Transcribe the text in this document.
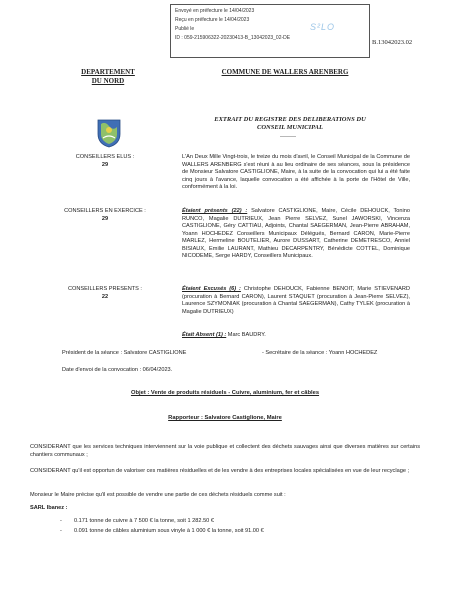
Envoyé en préfecture le 14/04/2023
Reçu en préfecture le 14/04/2023
Publié le
ID : 059-215906322-20230413-B_13042023_02-DE
S²LO
B.13042023.02
DEPARTEMENT
DU NORD
COMMUNE DE WALLERS ARENBERG
EXTRAIT DU REGISTRE DES DELIBERATIONS DU
CONSEIL MUNICIPAL
--------
CONSEILLERS ELUS :
29
L'An Deux Mille Vingt-trois, le treize du mois d'avril, le Conseil Municipal de la Commune de WALLERS ARENBERG s'est réuni à au lieu ordinaire de ses séances, sous la présidence de Monsieur Salvatore CASTIGLIONE, Maire, à la suite de la convocation qui lui a été faite cinq jours à l'avance, laquelle convocation a été affichée à la porte de l'Hôtel de Ville, conformément à la loi.
CONSEILLERS EN EXERCICE :
29
Étaient présents (22) : Salvatore CASTIGLIONE, Maire, Cécile DEHOUCK, Tonino RUNCO, Magalie DUTRIEUX, Jean Pierre SELVEZ, Sunel JAWORSKI, Vincenza CASTIGLIONE, Géry CATTIAU, Adjoints, Chantal SAEGERMAN, Jean-Pierre ABRAHAM, Yoann HOCHEDEZ Conseillers Municipaux Délégués, Bernard CARON, Marie-Pierre MARLEZ, Hermeline BOUTELIER, Aurore DUSSART, Catherine DEMETRESCO, Anniel BISIAUX, Emilie LAURANT, Mathieu DECARPENTRY, Bénédicte COTTEL, Dominique NICODEME, Serge HARDY, Conseillers Municipaux.
CONSEILLERS PRESENTS :
22
Étaient Excusés (6) : Christophe DEHOUCK, Fabienne BENOIT, Marie STIEVENARD (procuration à Bernard CARON), Laurent STAQUET (procuration à Jean-Pierre SELVEZ), Laurence SZYMONIAK (procuration à Chantal SAEGERMAN), Cathy TYLEK (procuration à Magalie DUTRIEUX)
Était Absent (1) : Marc BAUDRY.
Président de la séance : Salvatore CASTIGLIONE	- Secrétaire de la séance : Yoann HOCHEDEZ
Date d'envoi de la convocation : 06/04/2023.
Objet : Vente de produits résiduels - Cuivre, aluminium, fer et câbles
Rapporteur : Salvatore Castiglione, Maire
CONSIDERANT que les services techniques interviennent sur la voie publique et collectent des déchets sauvages ainsi que diverses matières sur certains chantiers communaux ;
CONSIDERANT qu'il est opportun de valoriser ces matières résiduelles et de les vendre à des entreprises locales spécialisées en vue de leur recyclage ;
Monsieur le Maire précise qu'il est possible de vendre une partie de ces déchets résiduels comme suit :
SARL Ibanez :
- 0.171 tonne de cuivre à 7 500 € la tonne, soit 1 282.50 €
- 0.091 tonne de câbles aluminium sous vinyle à 1 000 € la tonne, soit 91.00 €
